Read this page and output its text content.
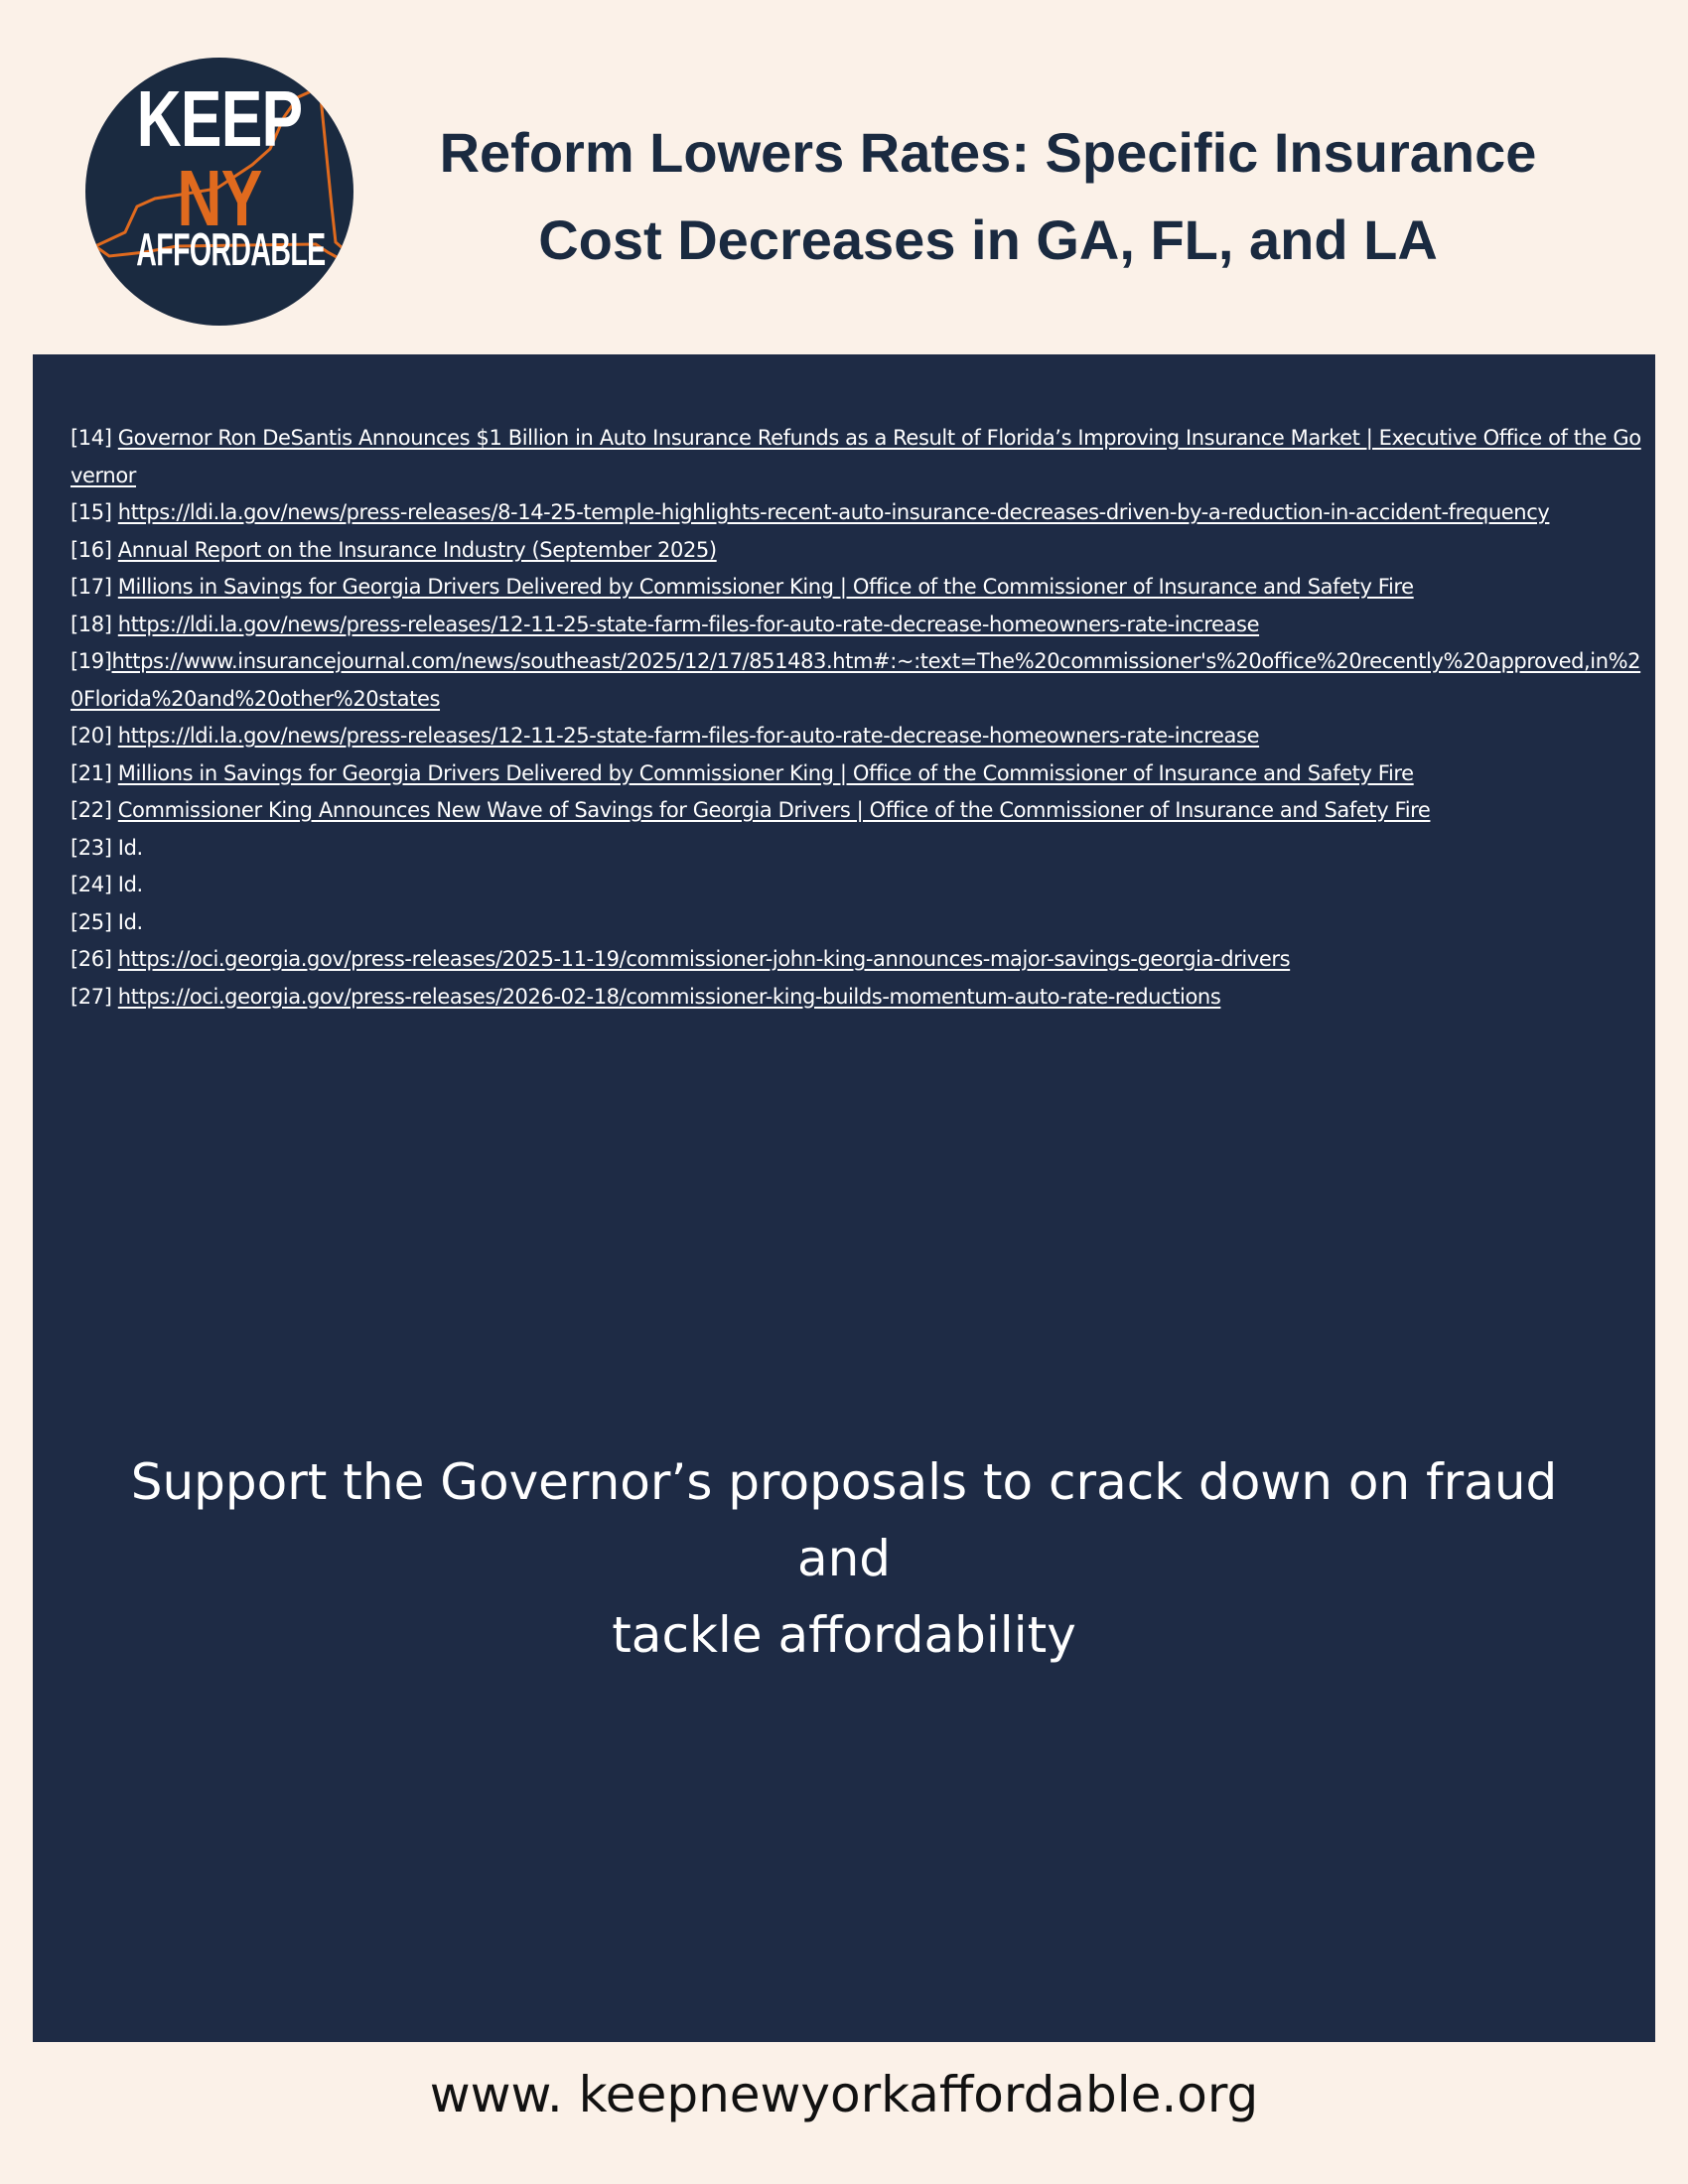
KEEP
NY
AFFORDABLE
Reform Lowers Rates: Specific Insurance
Cost Decreases in GA, FL, and LA
[14] Governor Ron DeSantis Announces $1 Billion in Auto Insurance Refunds as a Result of Florida’s Improving Insurance Market | Executive Office of the Governor
[15] https://ldi.la.gov/news/press-releases/8-14-25-temple-highlights-recent-auto-insurance-decreases-driven-by-a-reduction-in-accident-frequency
[16] Annual Report on the Insurance Industry (September 2025)
[17] Millions in Savings for Georgia Drivers Delivered by Commissioner King | Office of the Commissioner of Insurance and Safety Fire
[18] https://ldi.la.gov/news/press-releases/12-11-25-state-farm-files-for-auto-rate-decrease-homeowners-rate-increase
[19]https://www.insurancejournal.com/news/southeast/2025/12/17/851483.htm#:~:text=The%20commissioner's%20office%20recently%20approved,in%20Florida%20and%20other%20states
[20] https://ldi.la.gov/news/press-releases/12-11-25-state-farm-files-for-auto-rate-decrease-homeowners-rate-increase
[21] Millions in Savings for Georgia Drivers Delivered by Commissioner King | Office of the Commissioner of Insurance and Safety Fire
[22] Commissioner King Announces New Wave of Savings for Georgia Drivers | Office of the Commissioner of Insurance and Safety Fire
[23] Id.
[24] Id.
[25] Id.
[26] https://oci.georgia.gov/press-releases/2025-11-19/commissioner-john-king-announces-major-savings-georgia-drivers
[27] https://oci.georgia.gov/press-releases/2026-02-18/commissioner-king-builds-momentum-auto-rate-reductions

Support the Governor’s proposals to crack down on fraud and
tackle affordability

www. keepnewyorkaffordable.org
